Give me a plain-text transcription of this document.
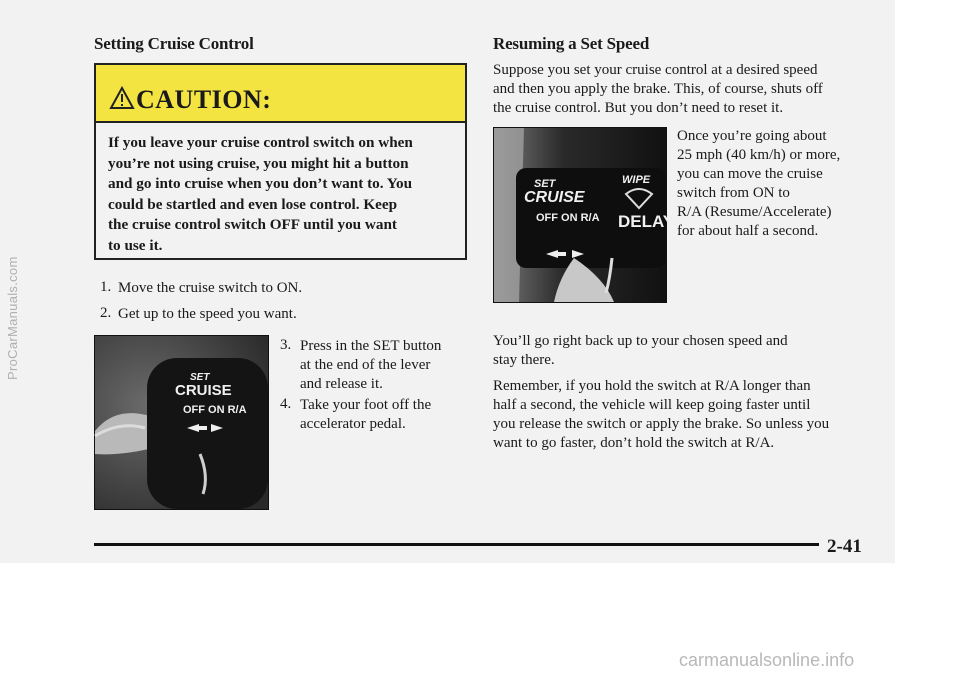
Setting Cruise Control
CAUTION:
If you leave your cruise control switch on when
you’re not using cruise, you might hit a button
and go into cruise when you don’t want to. You
could be startled and even lose control. Keep
the cruise control switch OFF until you want
to use it.
1. Move the cruise switch to ON.
2. Get up to the speed you want.
SET
CRUISE
OFF ON R/A
3. Press in the SET button
at the end of the lever
and release it.
4. Take your foot off the
accelerator pedal.
Resuming a Set Speed
Suppose you set your cruise control at a desired speed
and then you apply the brake. This, of course, shuts off
the cruise control. But you don’t need to reset it.
SET	WIPE
CRUISE
OFF ON R/A DELAY
Once you’re going about
25 mph (40 km/h) or more,
you can move the cruise
switch from ON to
R/A (Resume/Accelerate)
for about half a second.
You’ll go right back up to your chosen speed and
stay there.
Remember, if you hold the switch at R/A longer than
half a second, the vehicle will keep going faster until
you release the switch or apply the brake. So unless you
want to go faster, don’t hold the switch at R/A.
2-41
ProCarManuals.com
carmanualsonline.info
